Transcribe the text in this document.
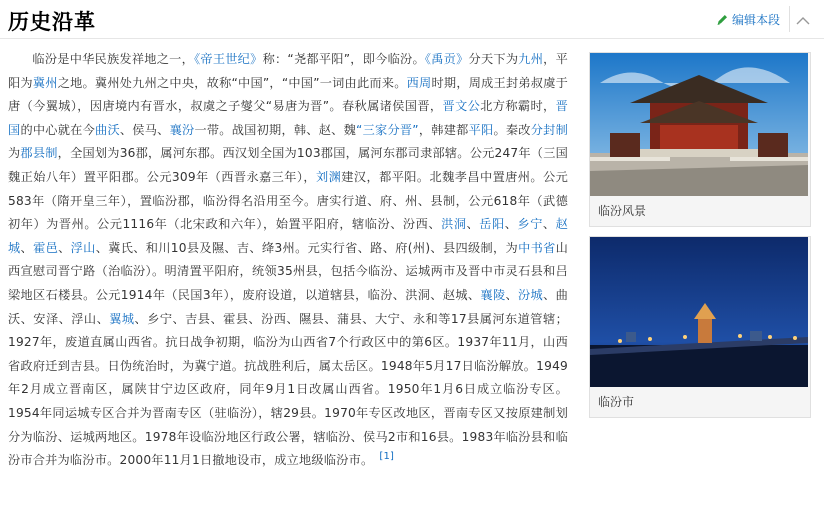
历史沿革	编辑本段

临汾是中华民族发祥地之一，《帝王世纪》称：“尧都平阳”，即今临汾。《禹贡》分天下为九州，平阳为冀州之地。冀州处九州之中央，故称“中国”，“中国”一词由此而来。西周时期，周成王封弟叔虞于唐（今翼城），因唐境内有晋水，叔虞之子燮父“易唐为晋”。春秋属诸侯国晋，晋文公北方称霸时，晋国的中心就在今曲沃、侯马、襄汾一带。战国初期，韩、赵、魏“三家分晋”，韩建都平阳。秦改分封制为郡县制，全国划为36郡，属河东郡。西汉划全国为103郡国，属河东郡司隶部辖。公元247年（三国魏正始八年）置平阳郡。公元309年（西晋永嘉三年），刘渊建汉，都平阳。北魏孝昌中置唐州。公元583年（隋开皇三年），置临汾郡，临汾得名沿用至今。唐实行道、府、州、县制，公元618年（武德初年）为晋州。公元1116年（北宋政和六年），始置平阳府，辖临汾、汾西、洪洞、岳阳、乡宁、赵城、霍邑、浮山、冀氏、和川10县及隰、吉、绛3州。元实行省、路、府(州)、县四级制，为中书省山西宣慰司晋宁路（治临汾）。明清置平阳府，统领35州县，包括今临汾、运城两市及晋中市灵石县和吕梁地区石楼县。公元1914年（民国3年），废府设道，以道辖县，临汾、洪洞、赵城、襄陵、汾城、曲沃、安泽、浮山、翼城、乡宁、吉县、霍县、汾西、隰县、蒲县、大宁、永和等17县属河东道管辖；1927年，废道直属山西省。抗日战争初期，临汾为山西省7个行政区中的第6区。1937年11月，山西省政府迁到吉县。日伪统治时，为冀宁道。抗战胜利后，属太岳区。1948年5月17日临汾解放。1949年2月成立晋南区，属陕甘宁边区政府，同年9月1日改属山西省。1950年1月6日成立临汾专区。1954年同运城专区合并为晋南专区（驻临汾），辖29县。1970年专区改地区，晋南专区又按原建制划分为临汾、运城两地区。1978年设临汾地区行政公署，辖临汾、侯马2市和16县。1983年临汾县和临汾市合并为临汾市。2000年11月1日撤地设市，成立地级临汾市。 [1]

临汾风景
临汾市
